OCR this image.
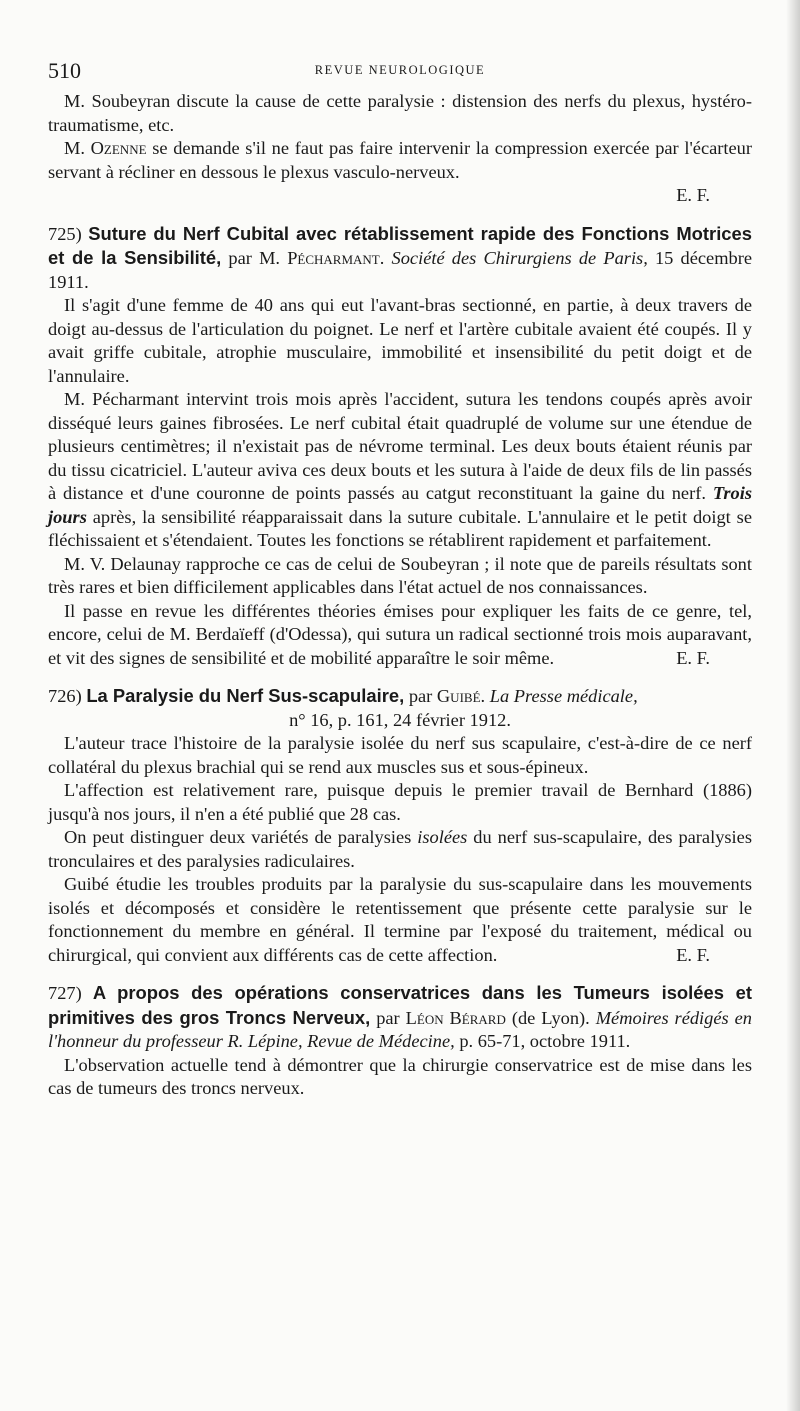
510	REVUE NEUROLOGIQUE

M. Soubeyran discute la cause de cette paralysie : distension des nerfs du plexus, hystéro-traumatisme, etc.

M. Ozenne se demande s'il ne faut pas faire intervenir la compression exercée par l'écarteur servant à récliner en dessous le plexus vasculo-nerveux.

E. F.

725) Suture du Nerf Cubital avec rétablissement rapide des Fonctions Motrices et de la Sensibilité, par M. Pécharmant. Société des Chirurgiens de Paris, 15 décembre 1911.

Il s'agit d'une femme de 40 ans qui eut l'avant-bras sectionné, en partie, à deux travers de doigt au-dessus de l'articulation du poignet. Le nerf et l'artère cubitale avaient été coupés. Il y avait griffe cubitale, atrophie musculaire, immobilité et insensibilité du petit doigt et de l'annulaire.

M. Pécharmant intervint trois mois après l'accident, sutura les tendons coupés après avoir disséqué leurs gaines fibrosées. Le nerf cubital était quadruplé de volume sur une étendue de plusieurs centimètres; il n'existait pas de névrome terminal. Les deux bouts étaient réunis par du tissu cicatriciel. L'auteur aviva ces deux bouts et les sutura à l'aide de deux fils de lin passés à distance et d'une couronne de points passés au catgut reconstituant la gaine du nerf. Trois jours après, la sensibilité réapparaissait dans la suture cubitale. L'annulaire et le petit doigt se fléchissaient et s'étendaient. Toutes les fonctions se rétablirent rapidement et parfaitement.

M. V. Delaunay rapproche ce cas de celui de Soubeyran ; il note que de pareils résultats sont très rares et bien difficilement applicables dans l'état actuel de nos connaissances.

Il passe en revue les différentes théories émises pour expliquer les faits de ce genre, tel, encore, celui de M. Berdaïeff (d'Odessa), qui sutura un radical sectionné trois mois auparavant, et vit des signes de sensibilité et de mobilité apparaître le soir même.	E. F.

726) La Paralysie du Nerf Sus-scapulaire, par Guibé. La Presse médicale,
n° 16, p. 161, 24 février 1912.

L'auteur trace l'histoire de la paralysie isolée du nerf sus scapulaire, c'est-à-dire de ce nerf collatéral du plexus brachial qui se rend aux muscles sus et sous-épineux.

L'affection est relativement rare, puisque depuis le premier travail de Bernhard (1886) jusqu'à nos jours, il n'en a été publié que 28 cas.

On peut distinguer deux variétés de paralysies isolées du nerf sus-scapulaire, des paralysies tronculaires et des paralysies radiculaires.

Guibé étudie les troubles produits par la paralysie du sus-scapulaire dans les mouvements isolés et décomposés et considère le retentissement que présente cette paralysie sur le fonctionnement du membre en général. Il termine par l'exposé du traitement, médical ou chirurgical, qui convient aux différents cas de cette affection.	E. F.

727) A propos des opérations conservatrices dans les Tumeurs isolées et primitives des gros Troncs Nerveux, par Léon Bérard (de Lyon). Mémoires rédigés en l'honneur du professeur R. Lépine, Revue de Médecine, p. 65-71, octobre 1911.

L'observation actuelle tend à démontrer que la chirurgie conservatrice est de mise dans les cas de tumeurs des troncs nerveux.
